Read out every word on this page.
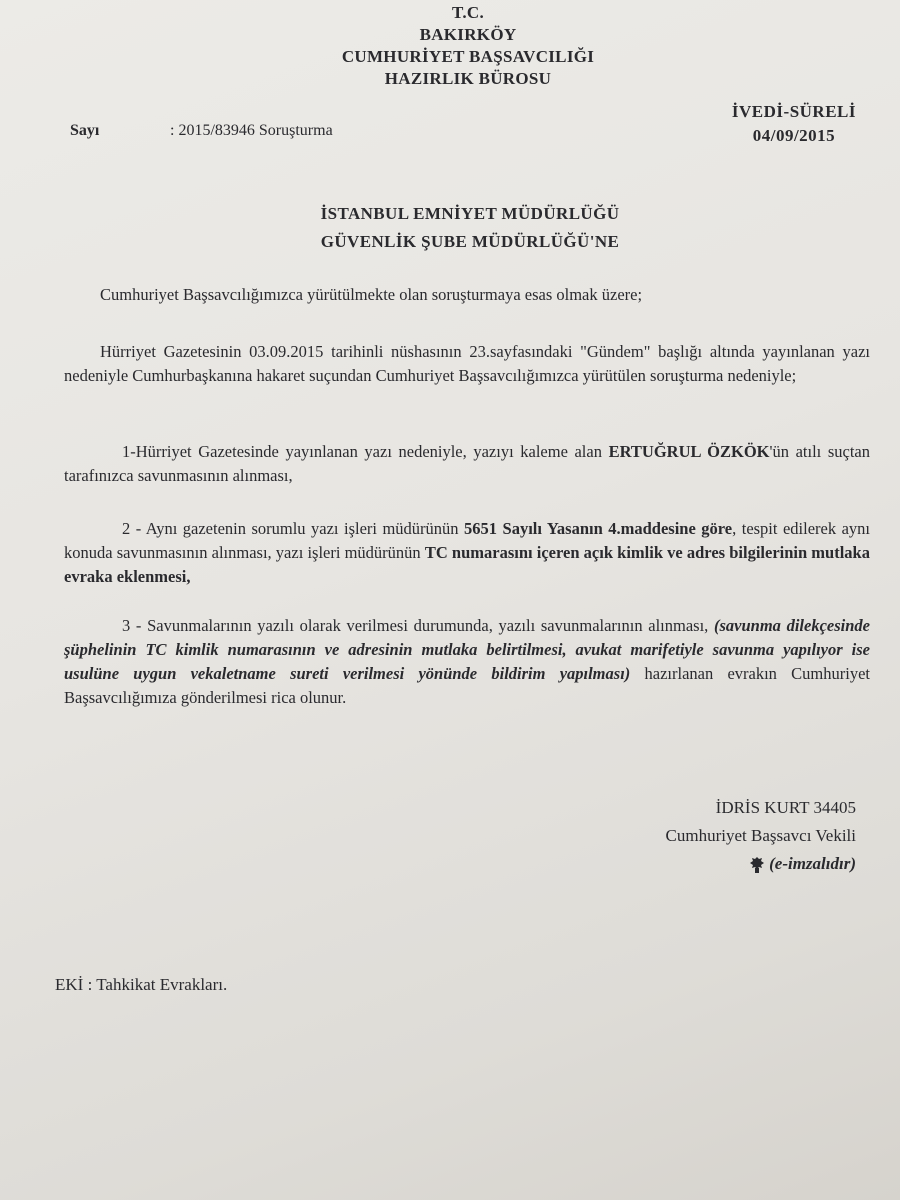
T.C.
BAKIRKÖY
CUMHURİYET BAŞSAVCILIĞI
HAZIRLIK BÜROSU
Sayı	: 2015/83946 Soruşturma
İVEDİ-SÜRELİ
04/09/2015
İSTANBUL EMNİYET MÜDÜRLÜĞÜ
GÜVENLİK ŞUBE MÜDÜRLÜĞÜ'NE

Cumhuriyet Başsavcılığımızca yürütülmekte olan soruşturmaya esas olmak üzere;

Hürriyet Gazetesinin 03.09.2015 tarihinli nüshasının 23.sayfasındaki "Gündem" başlığı altında yayınlanan yazı nedeniyle Cumhurbaşkanına hakaret suçundan Cumhuriyet Başsavcılığımızca yürütülen soruşturma nedeniyle;

1-Hürriyet Gazetesinde yayınlanan yazı nedeniyle, yazıyı kaleme alan ERTUĞRUL ÖZKÖK'ün atılı suçtan tarafınızca savunmasının alınması,

2 - Aynı gazetenin sorumlu yazı işleri müdürünün 5651 Sayılı Yasanın 4.maddesine göre, tespit edilerek aynı konuda savunmasının alınması, yazı işleri müdürünün TC numarasını içeren açık kimlik ve adres bilgilerinin mutlaka evraka eklenmesi,

3 - Savunmalarının yazılı olarak verilmesi durumunda, yazılı savunmalarının alınması, (savunma dilekçesinde şüphelinin TC kimlik numarasının ve adresinin mutlaka belirtilmesi, avukat marifetiyle savunma yapılıyor ise usulüne uygun vekaletname sureti verilmesi yönünde bildirim yapılması) hazırlanan evrakın Cumhuriyet Başsavcılığımıza gönderilmesi rica olunur.

İDRİS KURT 34405
Cumhuriyet Başsavcı Vekili
(e-imzalıdır)
EKİ : Tahkikat Evrakları.
